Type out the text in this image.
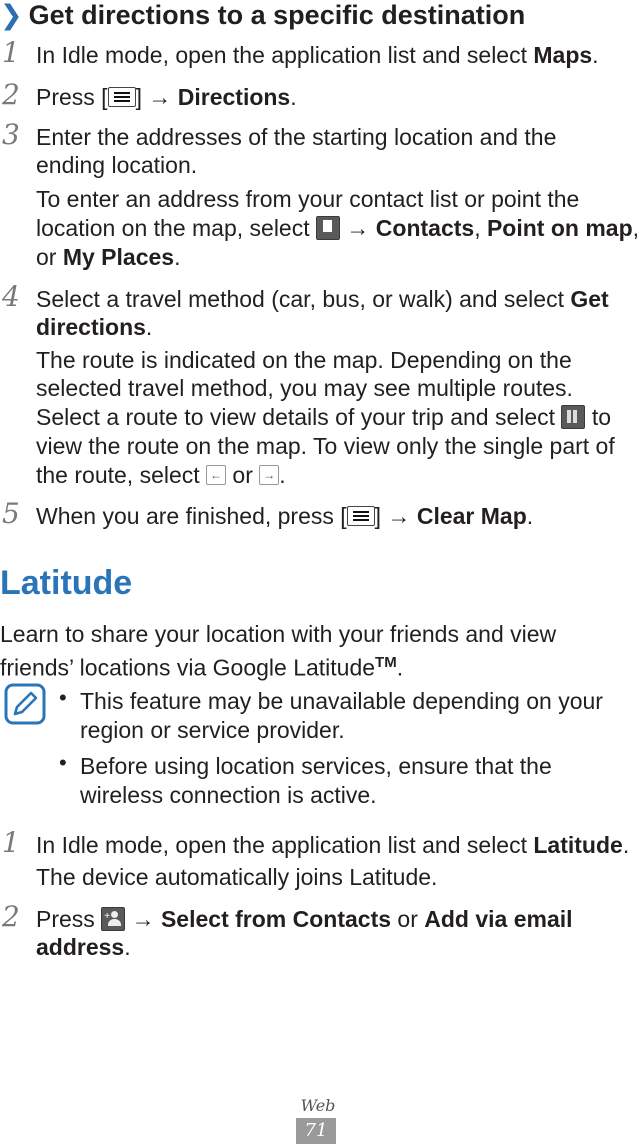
❯ Get directions to a specific destination
1 In Idle mode, open the application list and select Maps.
2 Press [ ] → Directions.
3 Enter the addresses of the starting location and the
ending location.
To enter an address from your contact list or point the
location on the map, select
→ Contacts, Point on map,
or My Places.
4 Select a travel method (car, bus, or walk) and select Get
directions.
The route is indicated on the map. Depending on the
selected travel method, you may see multiple routes.
Select a route to view details of your trip and select
to
view the route on the map. To view only the single part of
the route, select ← or → .
5 When you are finished, press [ ] → Clear Map.
Latitude
Learn to share your location with your friends and view
friends’ locations via Google Latitude™.
• This feature may be unavailable depending on your
region or service provider.
• Before using location services, ensure that the
wireless connection is active.
1 In Idle mode, open the application list and select Latitude.
The device automatically joins Latitude.
2 Press + → Select from Contacts or Add via email
address.
Web
71
